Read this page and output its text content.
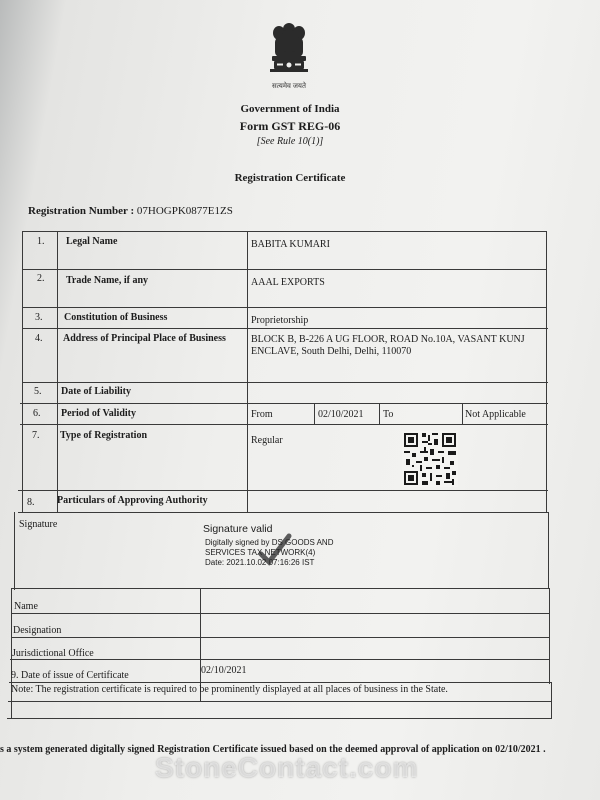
सत्यमेव जयते
Government of India
Form GST REG-06
[See Rule 10(1)]
Registration Certificate
Registration Number : 07HOGPK0877E1ZS
1. Legal Name	BABITA KUMARI
2. Trade Name, if any	AAAL EXPORTS
3. Constitution of Business	Proprietorship
4. Address of Principal Place of Business	BLOCK B, B-226 A UG FLOOR, ROAD No.10A, VASANT KUNJ ENCLAVE, South Delhi, Delhi, 110070
5. Date of Liability
6. Period of Validity	From	02/10/2021 To	Not Applicable
7. Type of Registration	Regular
8. Particulars of Approving Authority
Signature	Signature valid
Digitally signed by DS GOODS AND
SERVICES TAX NETWORK(4)
Date: 2021.10.02 07:16:26 IST
Name
Designation
Jurisdictional Office
9. Date of issue of Certificate	02/10/2021
Note: The registration certificate is required to be prominently displayed at all places of business in the State.
s a system generated digitally signed Registration Certificate issued based on the deemed approval of application on 02/10/2021 .
StoneContact.com
